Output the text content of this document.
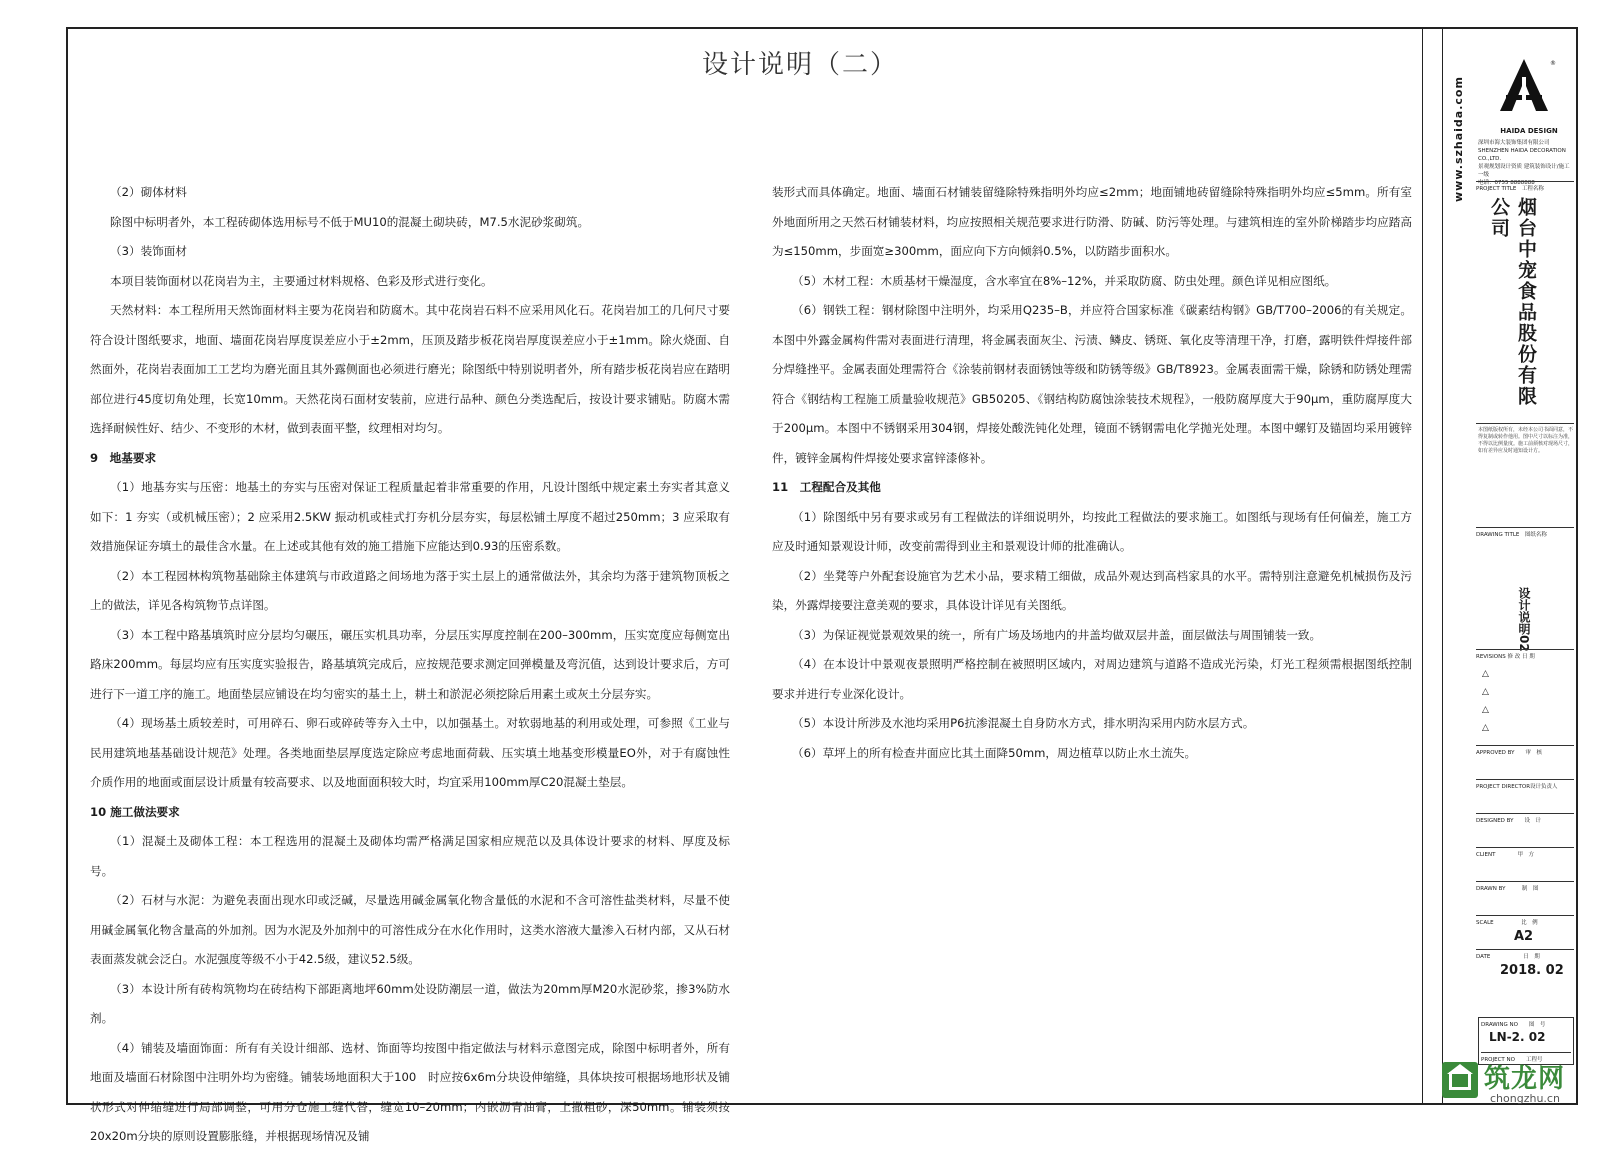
设计说明（二）

（2）砌体材料

除图中标明者外，本工程砖砌体选用标号不低于MU10的混凝土砌块砖，M7.5水泥砂浆砌筑。

（3）装饰面材

本项目装饰面材以花岗岩为主，主要通过材料规格、色彩及形式进行变化。

天然材料：本工程所用天然饰面材料主要为花岗岩和防腐木。其中花岗岩石料不应采用风化石。花岗岩加工的几何尺寸要符合设计图纸要求，地面、墙面花岗岩厚度误差应小于±2mm，压顶及踏步板花岗岩厚度误差应小于±1mm。除火烧面、自然面外，花岗岩表面加工工艺均为磨光面且其外露侧面也必须进行磨光；除图纸中特别说明者外，所有踏步板花岗岩应在踏明部位进行45度切角处理，长宽10mm。天然花岗石面材安装前，应进行品种、颜色分类选配后，按设计要求铺贴。防腐木需选择耐候性好、结少、不变形的木材，做到表面平整，纹理相对均匀。

9　地基要求

（1）地基夯实与压密：地基土的夯实与压密对保证工程质量起着非常重要的作用，凡设计图纸中规定素土夯实者其意义如下：1 夯实（或机械压密）；2 应采用2.5KW 振动机或桂式打夯机分层夯实，每层松铺土厚度不超过250mm；3 应采取有效措施保证夯填土的最佳含水量。在上述或其他有效的施工措施下应能达到0.93的压密系数。

（2）本工程园林构筑物基础除主体建筑与市政道路之间场地为落于实土层上的通常做法外，其余均为落于建筑物顶板之上的做法，详见各构筑物节点详图。

（3）本工程中路基填筑时应分层均匀碾压，碾压实机具功率，分层压实厚度控制在200–300mm，压实宽度应每侧宽出路床200mm。每层均应有压实度实验报告，路基填筑完成后，应按规范要求测定回弹模量及弯沉值，达到设计要求后，方可进行下一道工序的施工。地面垫层应铺设在均匀密实的基土上，耕土和淤泥必须挖除后用素土或灰土分层夯实。

（4）现场基土质较差时，可用碎石、卵石或碎砖等夯入土中，以加强基土。对软弱地基的利用或处理，可参照《工业与民用建筑地基基础设计规范》处理。各类地面垫层厚度选定除应考虑地面荷载、压实填土地基变形模量EO外，对于有腐蚀性介质作用的地面或面层设计质量有较高要求、以及地面面积较大时，均宜采用100mm厚C20混凝土垫层。

10 施工做法要求

（1）混凝土及砌体工程：本工程选用的混凝土及砌体均需严格满足国家相应规范以及具体设计要求的材料、厚度及标号。

（2）石材与水泥：为避免表面出现水印或泛碱，尽量选用碱金属氧化物含量低的水泥和不含可溶性盐类材料，尽量不使用碱金属氧化物含量高的外加剂。因为水泥及外加剂中的可溶性成分在水化作用时，这类水溶液大量渗入石材内部，又从石材表面蒸发就会泛白。水泥强度等级不小于42.5级，建议52.5级。

（3）本设计所有砖构筑物均在砖结构下部距离地坪60mm处设防潮层一道，做法为20mm厚M20水泥砂浆，掺3%防水剂。

（4）铺装及墙面饰面：所有有关设计细部、选材、饰面等均按图中指定做法与材料示意图完成，除图中标明者外，所有地面及墙面石材除图中注明外均为密缝。铺装场地面积大于100　时应按6x6m分块设伸缩缝，具体块按可根据场地形状及铺状形式对伸缩缝进行局部调整，可用分仓施工缝代替，缝宽10–20mm；内嵌沥青油膏，上撒粗砂，深50mm。铺装须按20x20m分块的原则设置膨胀缝，并根据现场情况及铺

装形式而具体确定。地面、墙面石材铺装留缝除特殊指明外均应≤2mm；地面铺地砖留缝除特殊指明外均应≤5mm。所有室外地面所用之天然石材铺装材料，均应按照相关规范要求进行防滑、防碱、防污等处理。与建筑相连的室外阶梯踏步均应踏高为≤150mm，步面宽≥300mm，面应向下方向倾斜0.5%，以防踏步面积水。

（5）木材工程：木质基材干燥湿度，含水率宜在8%–12%，并采取防腐、防虫处理。颜色详见相应图纸。

（6）钢铁工程：钢材除图中注明外，均采用Q235–B，并应符合国家标准《碳素结构钢》GB/T700–2006的有关规定。本图中外露金属构件需对表面进行清理，将金属表面灰尘、污渍、鳞皮、锈斑、氧化皮等清理干净，打磨，露明铁件焊接件部分焊缝挫平。金属表面处理需符合《涂装前钢材表面锈蚀等级和防锈等级》GB/T8923。金属表面需干燥，除锈和防锈处理需符合《钢结构工程施工质量验收规范》GB50205、《钢结构防腐蚀涂装技术规程》，一般防腐厚度大于90μm，重防腐厚度大于200μm。本图中不锈钢采用304钢，焊接处酸洗钝化处理，镜面不锈钢需电化学抛光处理。本图中螺钉及锚固均采用镀锌件，镀锌金属构件焊接处要求富锌漆修补。

11　工程配合及其他

（1）除图纸中另有要求或另有工程做法的详细说明外，均按此工程做法的要求施工。如图纸与现场有任何偏差，施工方应及时通知景观设计师，改变前需得到业主和景观设计师的批准确认。

（2）坐凳等户外配套设施官为艺术小品，要求精工细做，成品外观达到高档家具的水平。需特别注意避免机械损伤及污染，外露焊接要注意美观的要求，具体设计详见有关图纸。

（3）为保证视觉景观效果的统一，所有广场及场地内的井盖均做双层井盖，面层做法与周围铺装一致。

（4）在本设计中景观夜景照明严格控制在被照明区域内，对周边建筑与道路不造成光污染，灯光工程须需根据图纸控制要求并进行专业深化设计。

（5）本设计所涉及水池均采用P6抗渗混凝土自身防水方式，排水明沟采用内防水层方式。

（6）草坪上的所有检查井面应比其土面降50mm，周边植草以防止水土流失。

www.szhaida.com
®
HAIDA DESIGN
深圳市海大装饰集团有限公司
SHENZHEN HAIDA DECORATION CO.,LTD.
景观规划设计资质 建筑装饰设计/施工一级
电话：0755 8888888
PROJECT TITLE　工程名称
烟台中宠食品股份有限公司
本图纸版权所有，未经本公司书面同意，不得复制或转作他用。图中尺寸以标注为准，不得以比例量度。施工前须核对现场尺寸，如有差异应及时通知设计方。
DRAWING TITLE　图纸名称
设计说明02
REVISIONS 修 改 日 期
△
△
△
△
APPROVED BY　　审　核
PROJECT DIRECTOR设计负责人
DESIGNED BY　　设　计
CLIENT　　　　甲　方
DRAWN BY　　　制　图
SCALE　　　　　比　例
A2
DATE　　　　　　日　期
2018. 02
DRAWING NO　　图　号
LN-2. 02
PROJECT NO　　工程号
筑龙网
chongzhu.cn
